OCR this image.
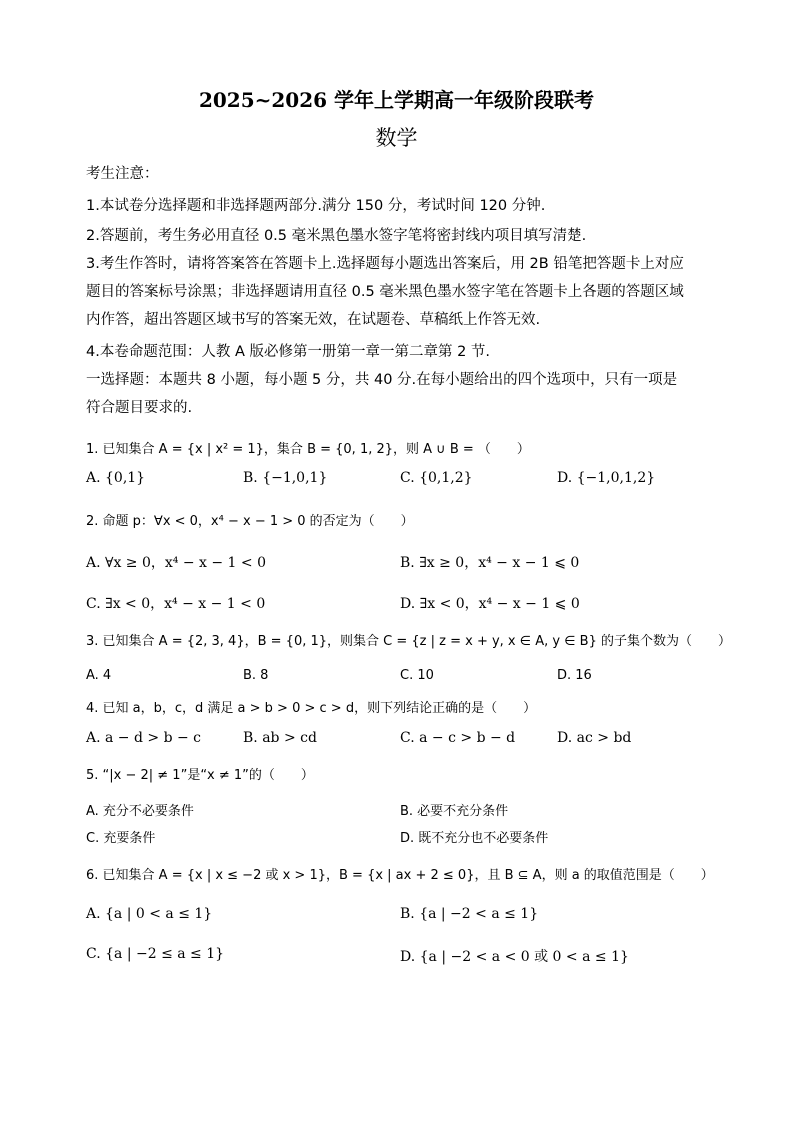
2025~2026 学年上学期高一年级阶段联考
数学
考生注意：
1.本试卷分选择题和非选择题两部分.满分 150 分，考试时间 120 分钟.
2.答题前，考生务必用直径 0.5 毫米黑色墨水签字笔将密封线内项目填写清楚.
3.考生作答时，请将答案答在答题卡上.选择题每小题选出答案后，用 2B 铅笔把答题卡上对应
题目的答案标号涂黑；非选择题请用直径 0.5 毫米黑色墨水签字笔在答题卡上各题的答题区域
内作答，超出答题区域书写的答案无效，在试题卷、草稿纸上作答无效.
4.本卷命题范围：人教 A 版必修第一册第一章一第二章第 2 节.
一选择题：本题共 8 小题，每小题 5 分，共 40 分.在每小题给出的四个选项中，只有一项是
符合题目要求的.
1. 已知集合 A = {x | x² = 1}，集合 B = {0, 1, 2}，则 A ∪ B = （　　）
A. {0,1}	B. {−1,0,1}	C. {0,1,2}	D. {−1,0,1,2}
2. 命题 p：∀x < 0，x⁴ − x − 1 > 0 的否定为（　　）
A. ∀x ≥ 0，x⁴ − x − 1 < 0	B. ∃x ≥ 0，x⁴ − x − 1 ⩽ 0
C. ∃x < 0，x⁴ − x − 1 < 0	D. ∃x < 0，x⁴ − x − 1 ⩽ 0
3. 已知集合 A = {2, 3, 4}，B = {0, 1}，则集合 C = {z | z = x + y, x ∈ A, y ∈ B} 的子集个数为（　　）
A. 4	B. 8	C. 10	D. 16
4. 已知 a，b，c，d 满足 a > b > 0 > c > d，则下列结论正确的是（　　）
A. a − d > b − c	B. ab > cd	C. a − c > b − d	D. ac > bd
5. “|x − 2| ≠ 1”是“x ≠ 1”的（　　）
A. 充分不必要条件	B. 必要不充分条件
C. 充要条件	D. 既不充分也不必要条件
6. 已知集合 A = {x | x ≤ −2 或 x > 1}，B = {x | ax + 2 ≤ 0}，且 B ⊆ A，则 a 的取值范围是（　　）
A. {a | 0 < a ≤ 1}	B. {a | −2 < a ≤ 1}
C. {a | −2 ≤ a ≤ 1}	D. {a | −2 < a < 0 或 0 < a ≤ 1}
